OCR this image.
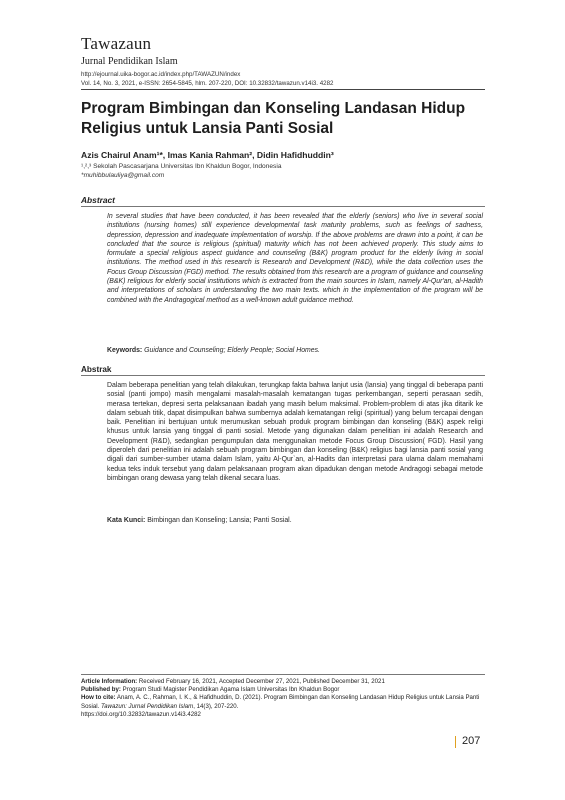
Tawazaun
Jurnal Pendidikan Islam
http://ejournal.uika-bogor.ac.id/index.php/TAWAZUN/index
Vol. 14, No. 3, 2021, e-ISSN: 2654-5845, hlm. 207-220, DOI: 10.32832/tawazun.v14i3. 4282
Program Bimbingan dan Konseling Landasan Hidup Religius untuk Lansia Panti Sosial
Azis Chairul Anam¹*, Imas Kania Rahman², Didin Hafidhuddin³
¹,²,³ Sekolah Pascasarjana Universitas Ibn Khaldun Bogor, Indonesia
*muhibbulauliya@gmail.com
Abstract
In several studies that have been conducted, it has been revealed that the elderly (seniors) who live in several social institutions (nursing homes) still experience developmental task maturity problems, such as feelings of sadness, depression, depression and inadequate implementation of worship. If the above problems are drawn into a point, it can be concluded that the source is religious (spiritual) maturity which has not been achieved properly. This study aims to formulate a special religious aspect guidance and counseling (B&K) program product for the elderly living in social institutions. The method used in this research is Research and Development (R&D), while the data collection uses the Focus Group Discussion (FGD) method. The results obtained from this research are a program of guidance and counseling (B&K) religious for elderly social institutions which is extracted from the main sources in Islam, namely Al-Qur'an, al-Hadith and interpretations of scholars in understanding the two main texts. which in the implementation of the program will be combined with the Andragogical method as a well-known adult guidance method.
Keywords: Guidance and Counseling; Elderly People; Social Homes.
Abstrak
Dalam beberapa penelitian yang telah dilakukan, terungkap fakta bahwa lanjut usia (lansia) yang tinggal di beberapa panti sosial (panti jompo) masih mengalami masalah-masalah kematangan tugas perkembangan, seperti perasaan sedih, merasa tertekan, depresi serta pelaksanaan ibadah yang masih belum maksimal. Problem-problem di atas jika ditarik ke dalam sebuah titik, dapat disimpulkan bahwa sumbernya adalah kematangan religi (spiritual) yang belum tercapai dengan baik. Penelitian ini bertujuan untuk merumuskan sebuah produk program bimbingan dan konseling (B&K) aspek religi khusus untuk lansia yang tinggal di panti sosial. Metode yang digunakan dalam penelitian ini adalah Research and Development (R&D), sedangkan pengumpulan data menggunakan metode Focus Group Discussion( FGD). Hasil yang diperoleh dari penelitian ini adalah sebuah program bimbingan dan konseling (B&K) religius bagi lansia panti sosial yang digali dari sumber-sumber utama dalam Islam, yaitu Al-Qur`an, al-Hadits dan interpretasi para ulama dalam memahami kedua teks induk tersebut yang dalam pelaksanaan program akan dipadukan dengan metode Andragogi sebagai metode bimbingan orang dewasa yang telah dikenal secara luas.
Kata Kunci: Bimbingan dan Konseling; Lansia; Panti Sosial.
Article Information: Received February 16, 2021, Accepted December 27, 2021, Published December 31, 2021
Published by: Program Studi Magister Pendidikan Agama Islam Universitas Ibn Khaldun Bogor
How to cite: Anam, A. C., Rahman, I. K., & Hafidhuddin, D. (2021). Program Bimbingan dan Konseling Landasan Hidup Religius untuk Lansia Panti Sosial. Tawazun: Jurnal Pendidikan Islam, 14(3), 207-220.
https://doi.org/10.32832/tawazun.v14i3.4282
207
